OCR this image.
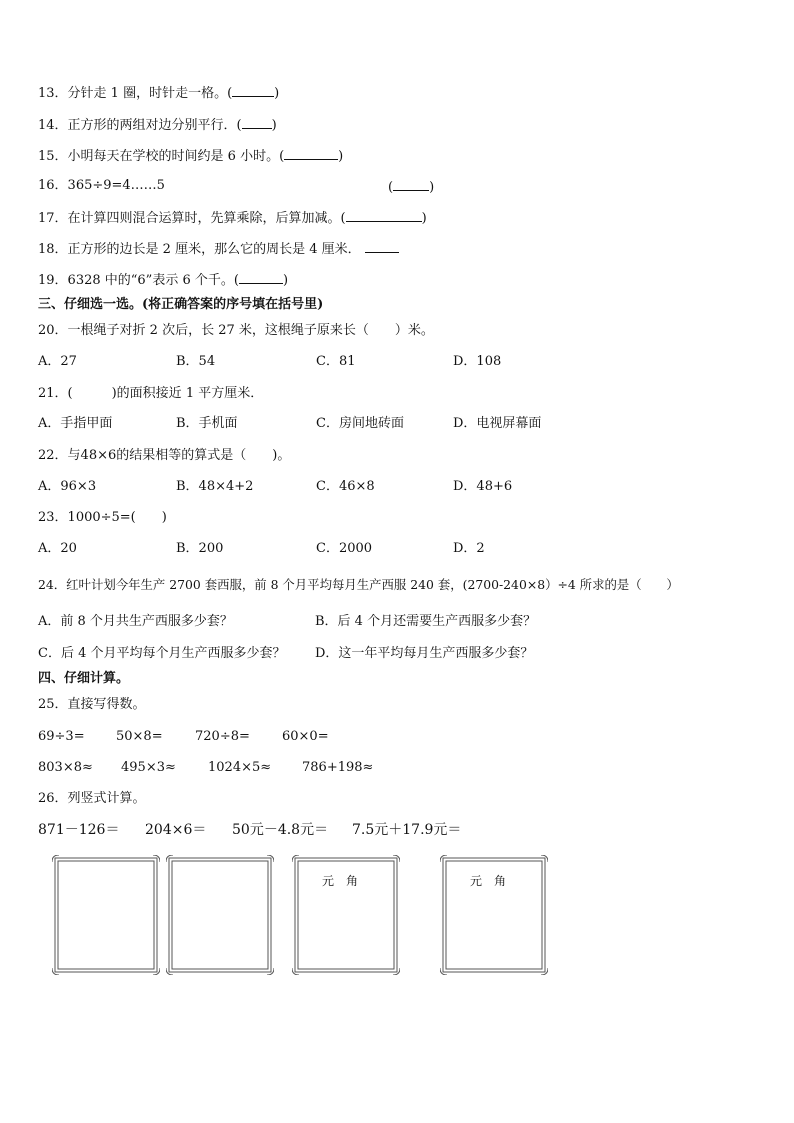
13．分针走 1 圈，时针走一格。(	)
14．正方形的两组对边分别平行．( )
15．小明每天在学校的时间约是 6 小时。(	)
16．365÷9=4……5	(	)
17．在计算四则混合运算时，先算乘除，后算加减。(	)
18．正方形的边长是 2 厘米，那么它的周长是 4 厘米．
19．6328 中的“6”表示 6 个千。(	)
三、仔细选一选。(将正确答案的序号填在括号里)
20．一根绳子对折 2 次后，长 27 米，这根绳子原来长（　　）米。
A．27	B．54	C．81	D．108
21．(　　　)的面积接近 1 平方厘米．
A．手指甲面	B．手机面	C．房间地砖面	D．电视屏幕面
22．与48×6的结果相等的算式是（　　)。
A．96×3	B．48×4+2	C．46×8	D．48+6
23．1000÷5=(　　)
A．20	B．200	C．2000	D．2
24．红叶计划今年生产 2700 套西服，前 8 个月平均每月生产西服 240 套，(2700-240×8）÷4 所求的是（　　）
A．前 8 个月共生产西服多少套？	B．后 4 个月还需要生产西服多少套？
C．后 4 个月平均每个月生产西服多少套？ D．这一年平均每月生产西服多少套？
四、仔细计算。
25．直接写得数。
69÷3= 50×8= 720÷8= 60×0=
803×8≈ 495×3≈ 1024×5≈ 786+198≈
26．列竖式计算。
871－126＝ 204×6＝ 50元－4.8元＝ 7.5元＋17.9元＝
元角	元角
